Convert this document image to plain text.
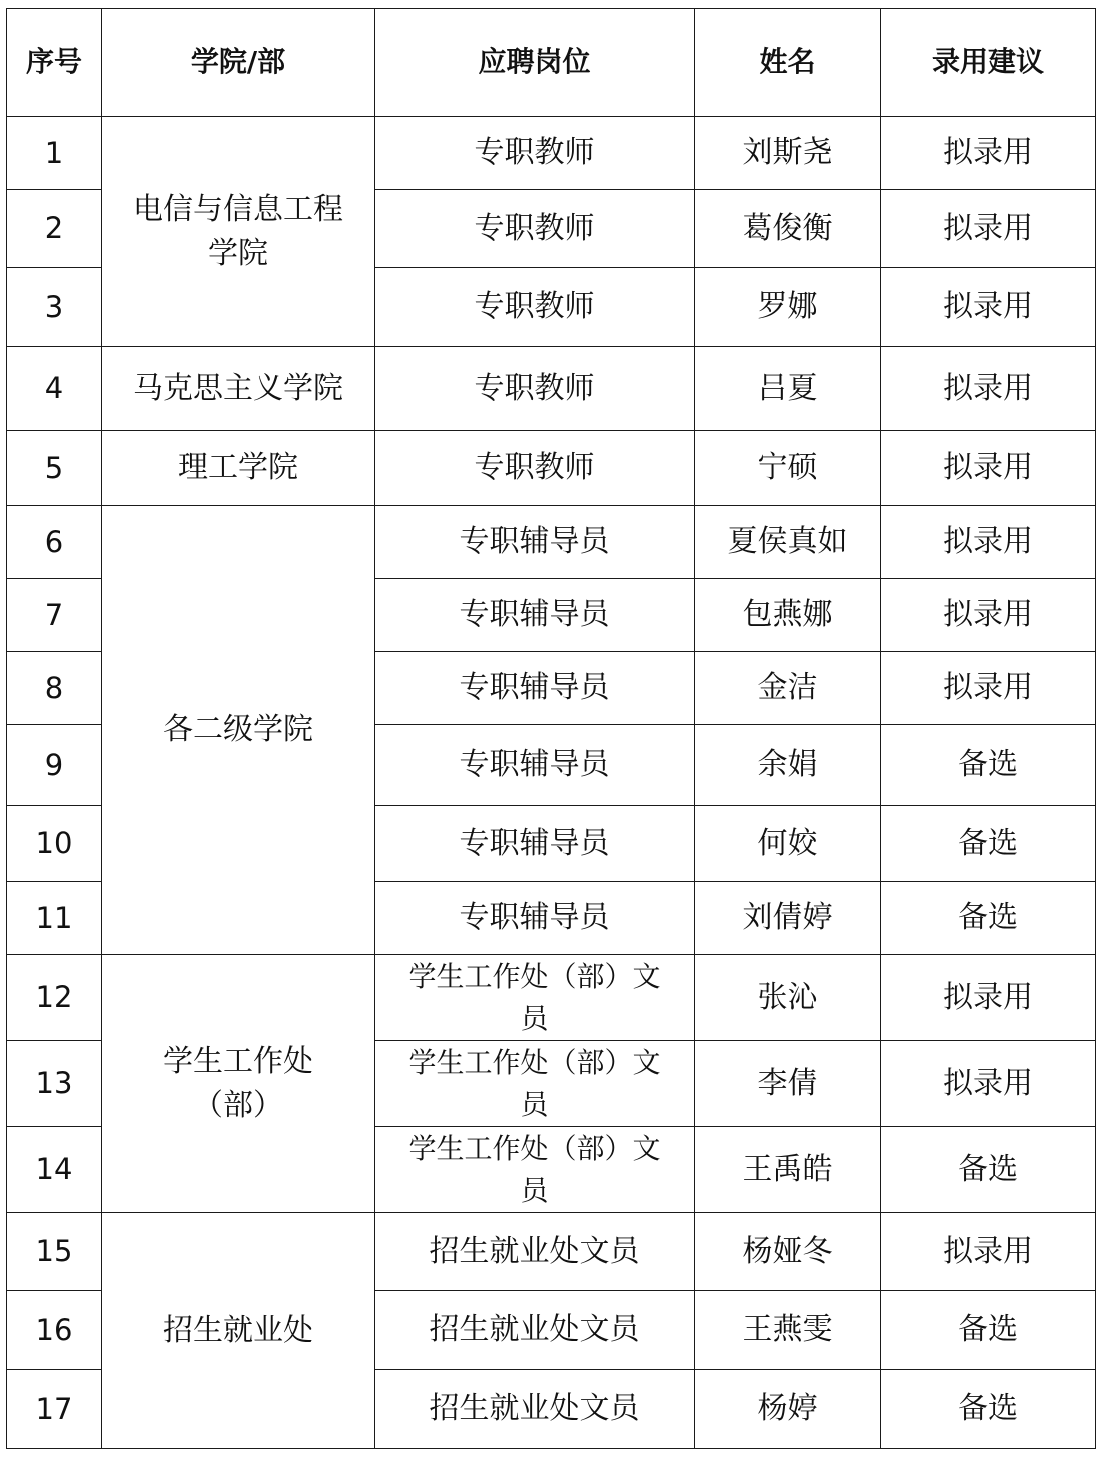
序号	学院/部	应聘岗位	姓名	录用建议
1	电信与信息工程学院	专职教师	刘斯尧	拟录用
2		专职教师	葛俊衡	拟录用
3		专职教师	罗娜	拟录用
4	马克思主义学院	专职教师	吕夏	拟录用
5	理工学院	专职教师	宁硕	拟录用
6	各二级学院	专职辅导员	夏侯真如	拟录用
7		专职辅导员	包燕娜	拟录用
8		专职辅导员	金洁	拟录用
9		专职辅导员	余娟	备选
10		专职辅导员	何姣	备选
11		专职辅导员	刘倩婷	备选
12	学生工作处（部）	学生工作处（部）文员	张沁	拟录用
13		学生工作处（部）文员	李倩	拟录用
14		学生工作处（部）文员	王禹皓	备选
15	招生就业处	招生就业处文员	杨娅冬	拟录用
16		招生就业处文员	王燕雯	备选
17		招生就业处文员	杨婷	备选
